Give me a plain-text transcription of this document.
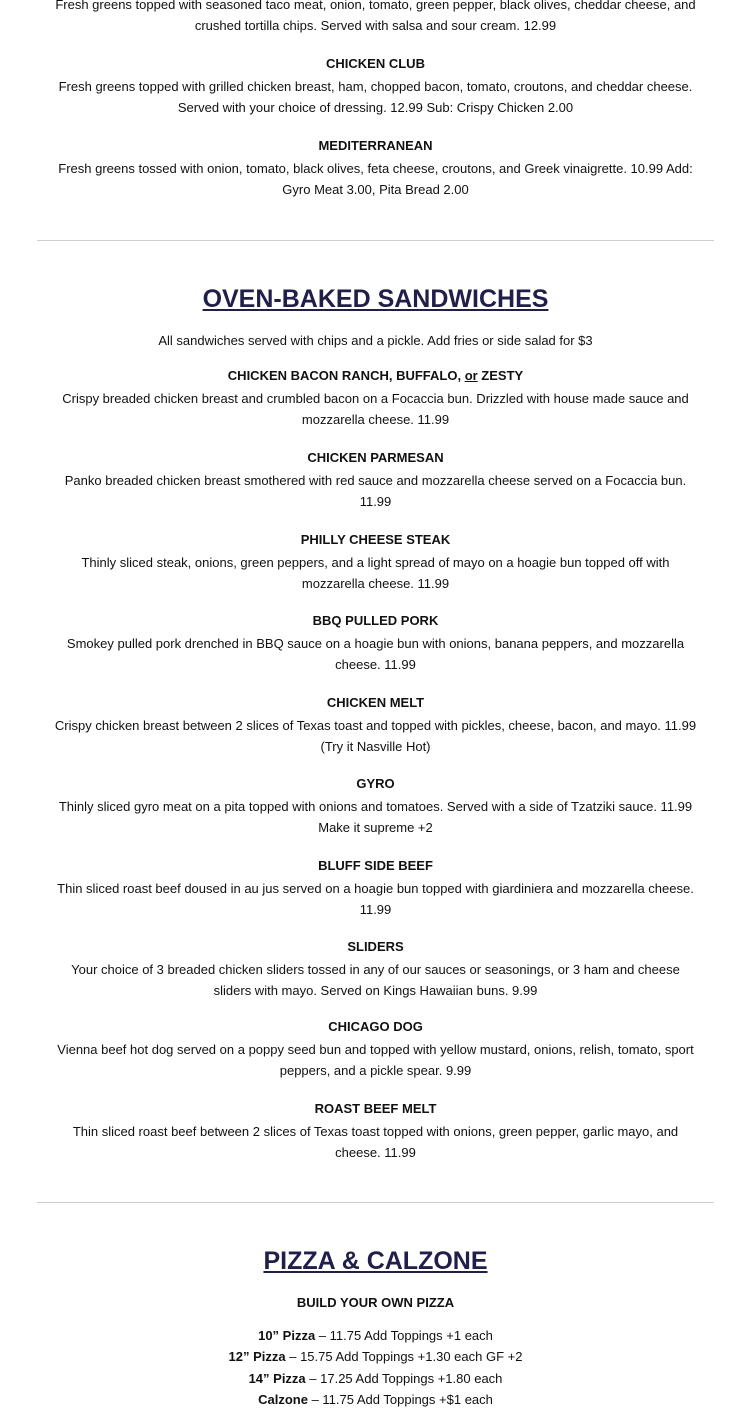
Fresh greens topped with seasoned taco meat, onion, tomato, green pepper, black olives, cheddar cheese, and
crushed tortilla chips. Served with salsa and sour cream. 12.99
CHICKEN CLUB
Fresh greens topped with grilled chicken breast, ham, chopped bacon, tomato, croutons, and cheddar cheese.
Served with your choice of dressing. 12.99 Sub: Crispy Chicken 2.00
MEDITERRANEAN
Fresh greens tossed with onion, tomato, black olives, feta cheese, croutons, and Greek vinaigrette. 10.99 Add:
Gyro Meat 3.00, Pita Bread 2.00
OVEN-BAKED SANDWICHES
All sandwiches served with chips and a pickle. Add fries or side salad for $3
CHICKEN BACON RANCH, BUFFALO, or ZESTY
Crispy breaded chicken breast and crumbled bacon on a Focaccia bun. Drizzled with house made sauce and
mozzarella cheese. 11.99
CHICKEN PARMESAN
Panko breaded chicken breast smothered with red sauce and mozzarella cheese served on a Focaccia bun.
11.99
PHILLY CHEESE STEAK
Thinly sliced steak, onions, green peppers, and a light spread of mayo on a hoagie bun topped off with
mozzarella cheese. 11.99
BBQ PULLED PORK
Smokey pulled pork drenched in BBQ sauce on a hoagie bun with onions, banana peppers, and mozzarella
cheese. 11.99
CHICKEN MELT
Crispy chicken breast between 2 slices of Texas toast and topped with pickles, cheese, bacon, and mayo. 11.99
(Try it Nasville Hot)
GYRO
Thinly sliced gyro meat on a pita topped with onions and tomatoes. Served with a side of Tzatziki sauce. 11.99
Make it supreme +2
BLUFF SIDE BEEF
Thin sliced roast beef doused in au jus served on a hoagie bun topped with giardiniera and mozzarella cheese.
11.99
SLIDERS
Your choice of 3 breaded chicken sliders tossed in any of our sauces or seasonings, or 3 ham and cheese
sliders with mayo. Served on Kings Hawaiian buns. 9.99
CHICAGO DOG
Vienna beef hot dog served on a poppy seed bun and topped with yellow mustard, onions, relish, tomato, sport
peppers, and a pickle spear. 9.99
ROAST BEEF MELT
Thin sliced roast beef between 2 slices of Texas toast topped with onions, green pepper, garlic mayo, and
cheese. 11.99
PIZZA & CALZONE
BUILD YOUR OWN PIZZA
10” Pizza – 11.75 Add Toppings +1 each
12” Pizza – 15.75 Add Toppings +1.30 each GF +2
14” Pizza – 17.25 Add Toppings +1.80 each
Calzone – 11.75 Add Toppings +$1 each
